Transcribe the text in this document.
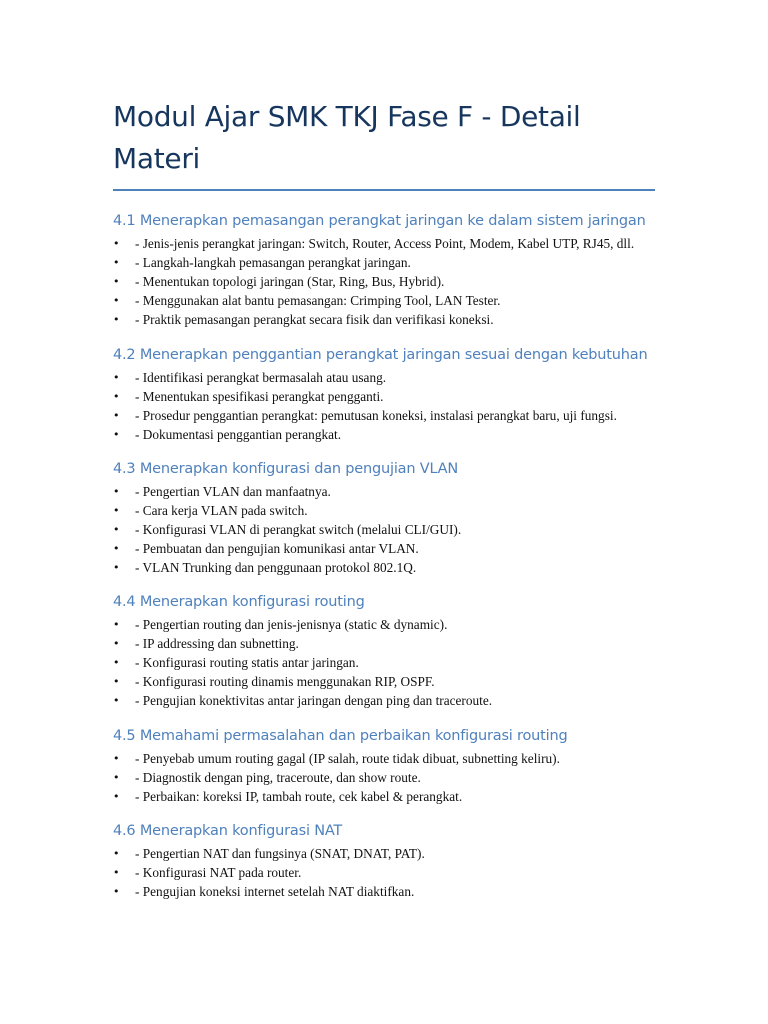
Modul Ajar SMK TKJ Fase F - Detail Materi
4.1 Menerapkan pemasangan perangkat jaringan ke dalam sistem jaringan
•	- Jenis-jenis perangkat jaringan: Switch, Router, Access Point, Modem, Kabel UTP, RJ45, dll.
•	- Langkah-langkah pemasangan perangkat jaringan.
•	- Menentukan topologi jaringan (Star, Ring, Bus, Hybrid).
•	- Menggunakan alat bantu pemasangan: Crimping Tool, LAN Tester.
•	- Praktik pemasangan perangkat secara fisik dan verifikasi koneksi.
4.2 Menerapkan penggantian perangkat jaringan sesuai dengan kebutuhan
•	- Identifikasi perangkat bermasalah atau usang.
•	- Menentukan spesifikasi perangkat pengganti.
•	- Prosedur penggantian perangkat: pemutusan koneksi, instalasi perangkat baru, uji fungsi.
•	- Dokumentasi penggantian perangkat.
4.3 Menerapkan konfigurasi dan pengujian VLAN
•	- Pengertian VLAN dan manfaatnya.
•	- Cara kerja VLAN pada switch.
•	- Konfigurasi VLAN di perangkat switch (melalui CLI/GUI).
•	- Pembuatan dan pengujian komunikasi antar VLAN.
•	- VLAN Trunking dan penggunaan protokol 802.1Q.
4.4 Menerapkan konfigurasi routing
•	- Pengertian routing dan jenis-jenisnya (static & dynamic).
•	- IP addressing dan subnetting.
•	- Konfigurasi routing statis antar jaringan.
•	- Konfigurasi routing dinamis menggunakan RIP, OSPF.
•	- Pengujian konektivitas antar jaringan dengan ping dan traceroute.
4.5 Memahami permasalahan dan perbaikan konfigurasi routing
•	- Penyebab umum routing gagal (IP salah, route tidak dibuat, subnetting keliru).
•	- Diagnostik dengan ping, traceroute, dan show route.
•	- Perbaikan: koreksi IP, tambah route, cek kabel & perangkat.
4.6 Menerapkan konfigurasi NAT
•	- Pengertian NAT dan fungsinya (SNAT, DNAT, PAT).
•	- Konfigurasi NAT pada router.
•	- Pengujian koneksi internet setelah NAT diaktifkan.
